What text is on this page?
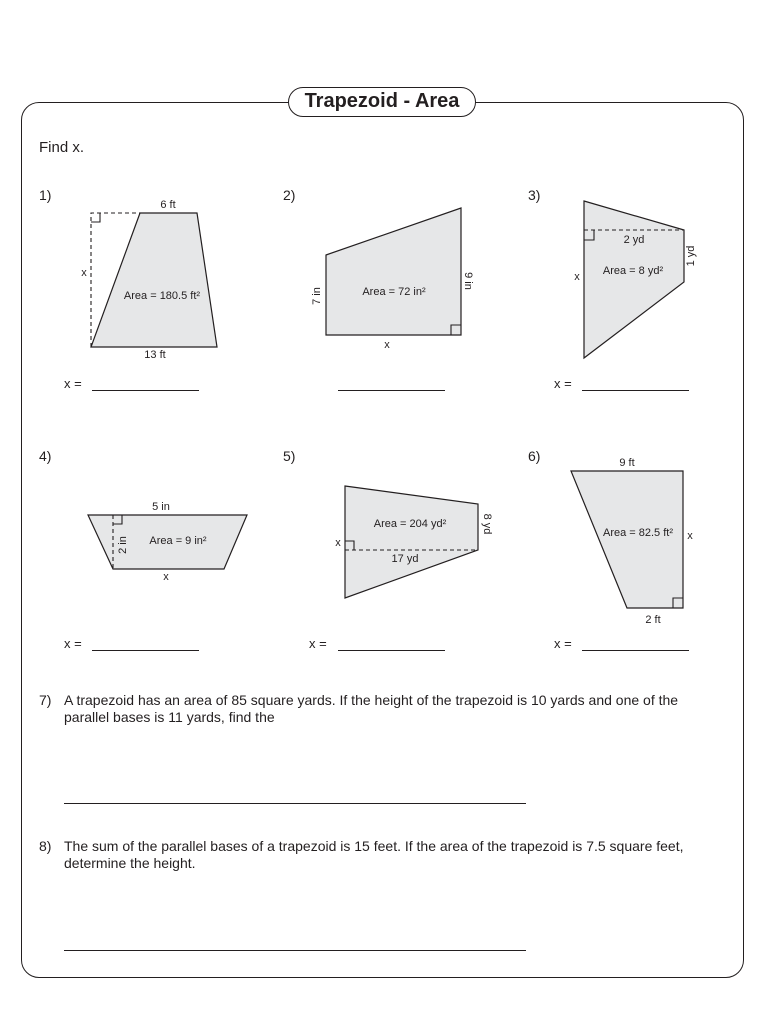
Trapezoid - Area
Find x.
1)	2)	3)
4)	5)	6)
6 ft
x
Area = 180.5 ft²
13 ft
7 in	Area = 72 in²
9 in
x
2 yd
1 yd
Area = 8 yd²
x
5 in
2 in Area = 9 in²
x
Area = 204 yd²	8 yd
x
17 yd
9 ft
Area = 82.5 ft² x
2 ft
x =	x =
x =	x =	x =
7) A trapezoid has an area of 85 square yards. If the height of the trapezoid is 10 yards and one of the parallel bases is 11 yards, find the
8) The sum of the parallel bases of a trapezoid is 15 feet. If the area of the trapezoid is 7.5 square feet, determine the height.
